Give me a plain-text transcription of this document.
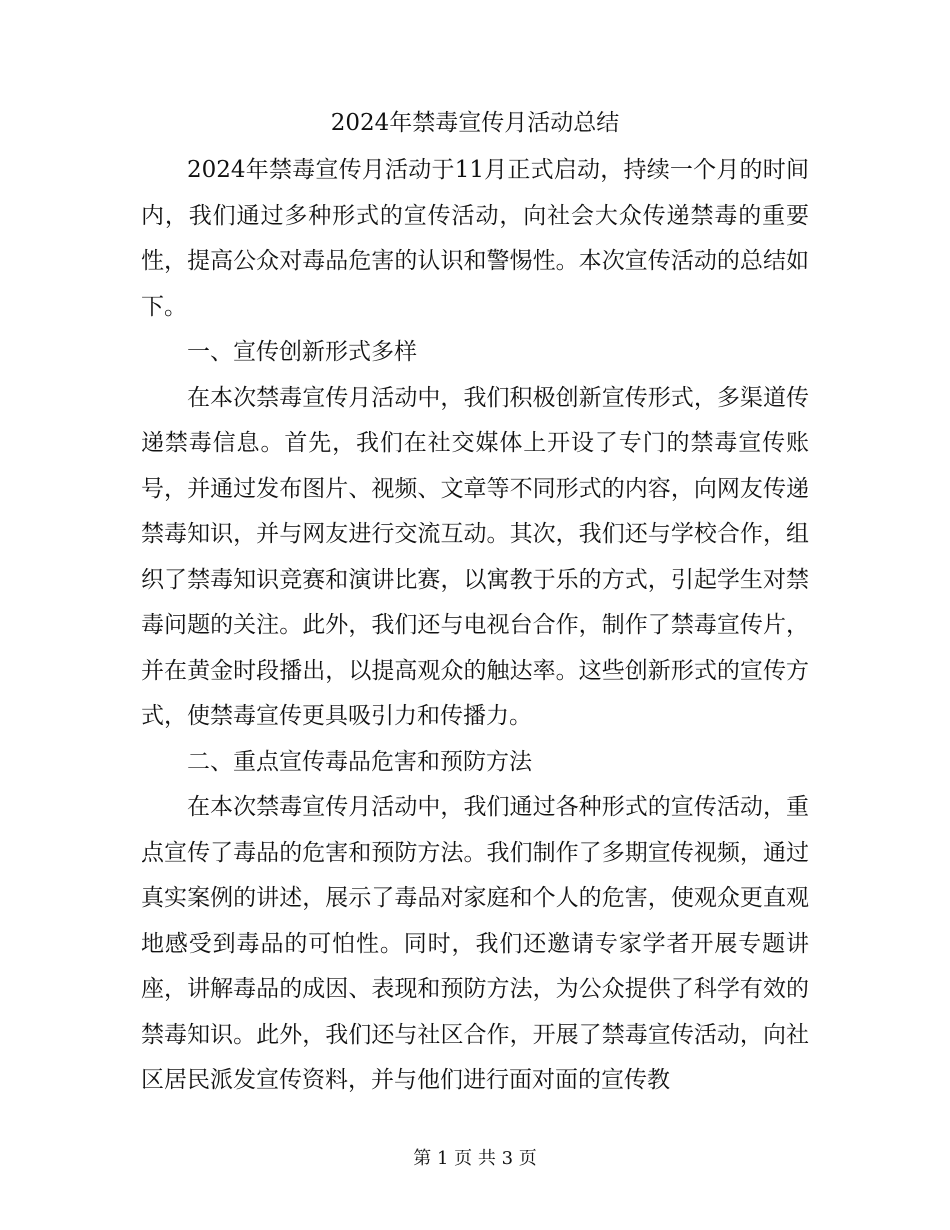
2024年禁毒宣传月活动总结

2024年禁毒宣传月活动于11月正式启动，持续一个月的时间内，我们通过多种形式的宣传活动，向社会大众传递禁毒的重要性，提高公众对毒品危害的认识和警惕性。本次宣传活动的总结如下。

一、宣传创新形式多样

在本次禁毒宣传月活动中，我们积极创新宣传形式，多渠道传递禁毒信息。首先，我们在社交媒体上开设了专门的禁毒宣传账号，并通过发布图片、视频、文章等不同形式的内容，向网友传递禁毒知识，并与网友进行交流互动。其次，我们还与学校合作，组织了禁毒知识竞赛和演讲比赛，以寓教于乐的方式，引起学生对禁毒问题的关注。此外，我们还与电视台合作，制作了禁毒宣传片，并在黄金时段播出，以提高观众的触达率。这些创新形式的宣传方式，使禁毒宣传更具吸引力和传播力。

二、重点宣传毒品危害和预防方法

在本次禁毒宣传月活动中，我们通过各种形式的宣传活动，重点宣传了毒品的危害和预防方法。我们制作了多期宣传视频，通过真实案例的讲述，展示了毒品对家庭和个人的危害，使观众更直观地感受到毒品的可怕性。同时，我们还邀请专家学者开展专题讲座，讲解毒品的成因、表现和预防方法，为公众提供了科学有效的禁毒知识。此外，我们还与社区合作，开展了禁毒宣传活动，向社区居民派发宣传资料，并与他们进行面对面的宣传教

第 1 页 共 3 页
